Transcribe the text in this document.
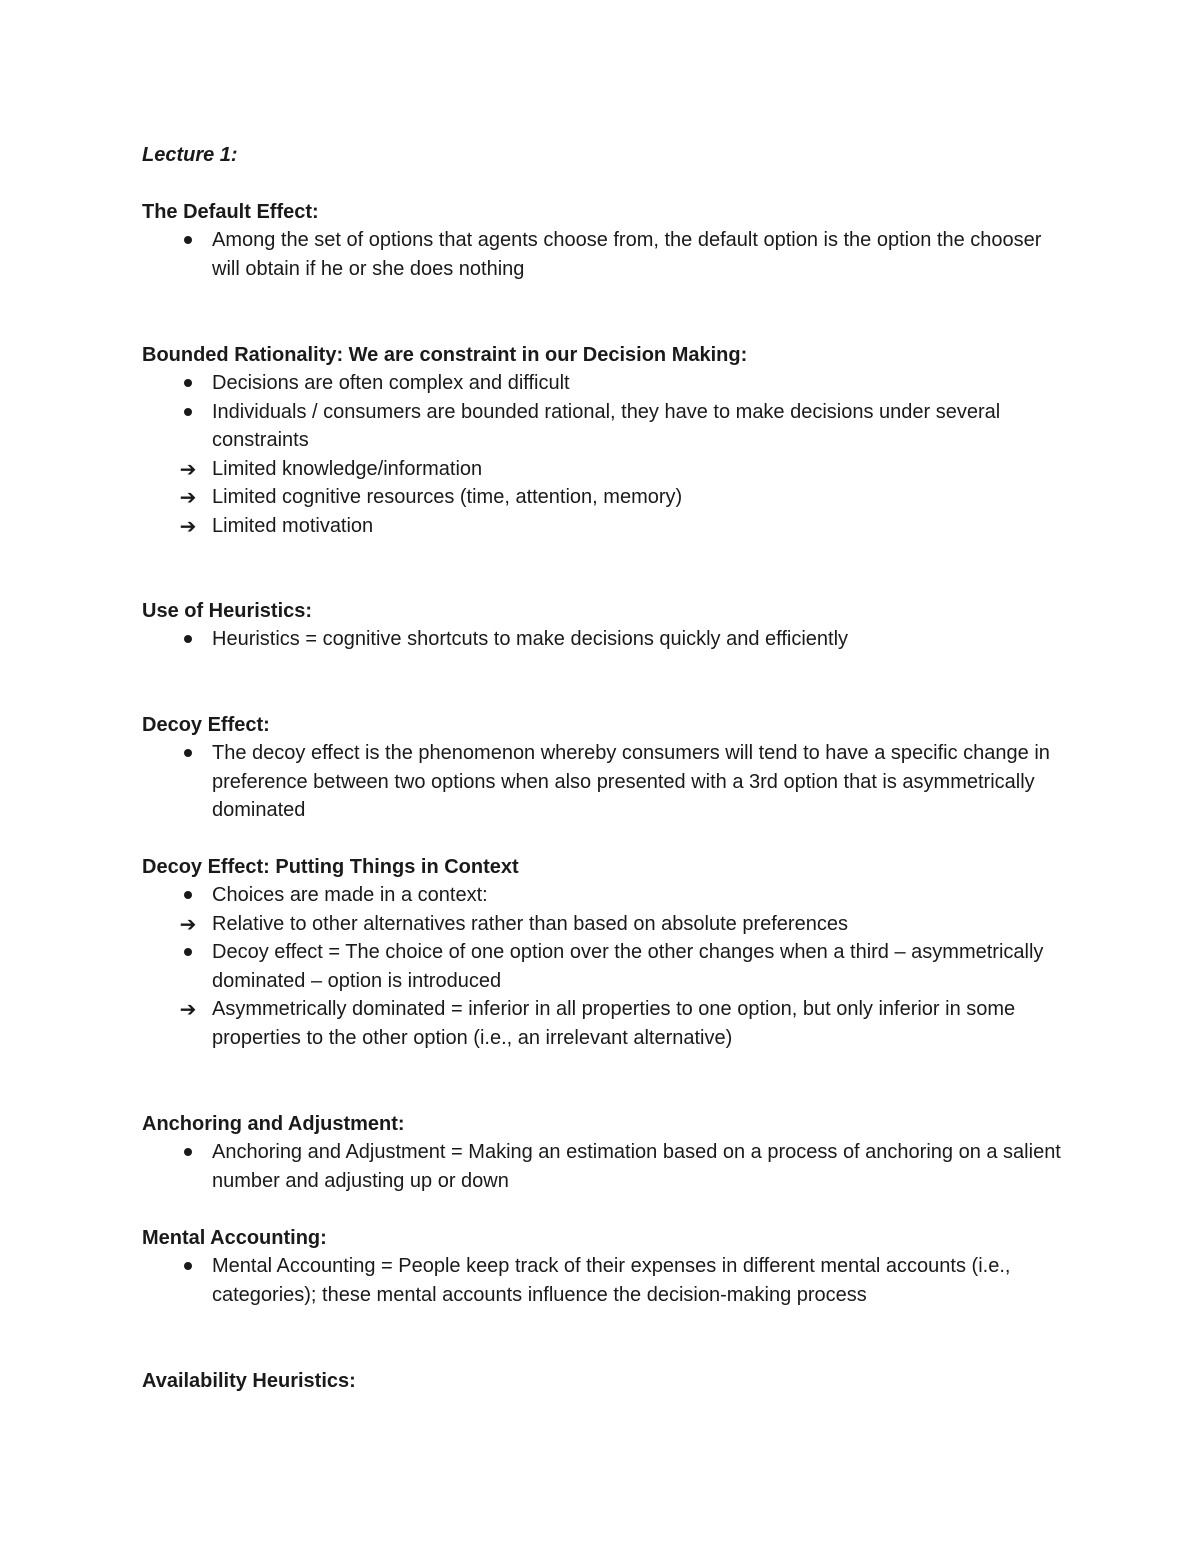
Lecture 1:
The Default Effect:
Among the set of options that agents choose from, the default option is the option the chooser will obtain if he or she does nothing
Bounded Rationality: We are constraint in our Decision Making:
Decisions are often complex and difficult
Individuals / consumers are bounded rational, they have to make decisions under several constraints
➔ Limited knowledge/information
➔ Limited cognitive resources (time, attention, memory)
➔ Limited motivation
Use of Heuristics:
Heuristics = cognitive shortcuts to make decisions quickly and efficiently
Decoy Effect:
The decoy effect is the phenomenon whereby consumers will tend to have a specific change in preference between two options when also presented with a 3rd option that is asymmetrically dominated
Decoy Effect: Putting Things in Context
Choices are made in a context:
➔ Relative to other alternatives rather than based on absolute preferences
Decoy effect = The choice of one option over the other changes when a third – asymmetrically dominated – option is introduced
➔ Asymmetrically dominated = inferior in all properties to one option, but only inferior in some properties to the other option (i.e., an irrelevant alternative)
Anchoring and Adjustment:
Anchoring and Adjustment = Making an estimation based on a process of anchoring on a salient number and adjusting up or down
Mental Accounting:
Mental Accounting = People keep track of their expenses in different mental accounts (i.e., categories); these mental accounts influence the decision-making process
Availability Heuristics:
